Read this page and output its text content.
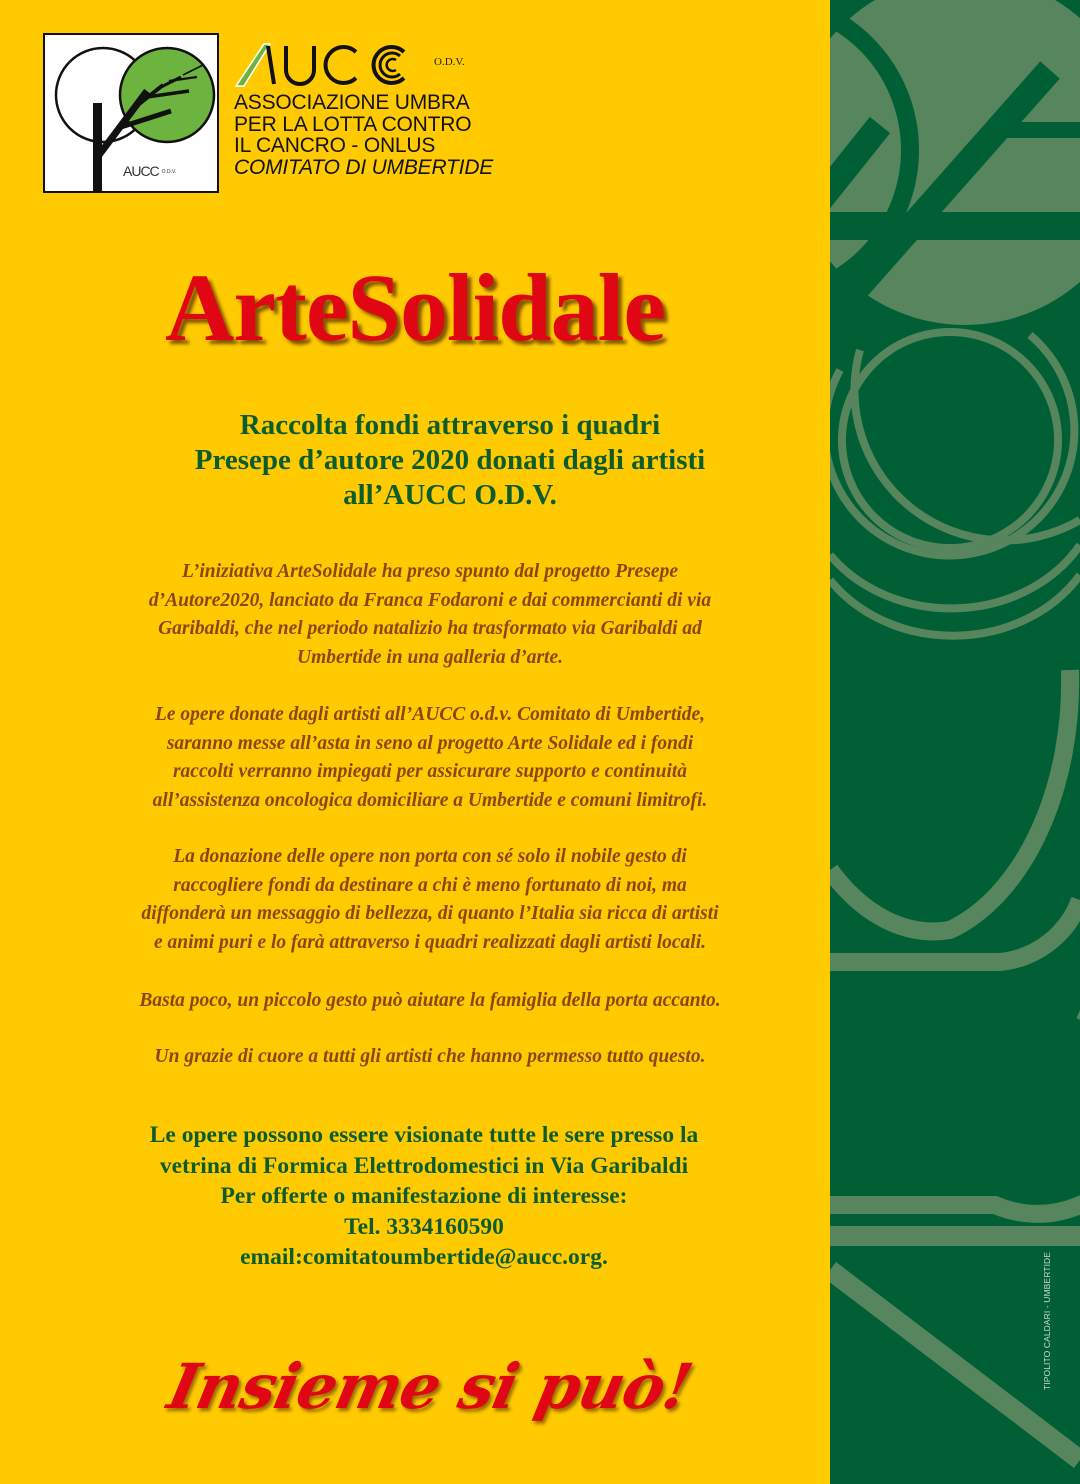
AUCC O.D.V.
O.D.V.
ASSOCIAZIONE UMBRA
PER LA LOTTA CONTRO
IL CANCRO - ONLUS
COMITATO DI UMBERTIDE
ArteSolidale
Raccolta fondi attraverso i quadri
Presepe d’autore 2020 donati dagli artisti
all’AUCC O.D.V.
L’iniziativa ArteSolidale ha preso spunto dal progetto Presepe
d’Autore2020, lanciato da Franca Fodaroni e dai commercianti di via
Garibaldi, che nel periodo natalizio ha trasformato via Garibaldi ad
Umbertide in una galleria d’arte.
Le opere donate dagli artisti all’AUCC o.d.v. Comitato di Umbertide,
saranno messe all’asta in seno al progetto Arte Solidale ed i fondi
raccolti verranno impiegati per assicurare supporto e continuità
all’assistenza oncologica domiciliare a Umbertide e comuni limitrofi.
La donazione delle opere non porta con sé solo il nobile gesto di
raccogliere fondi da destinare a chi è meno fortunato di noi, ma
diffonderà un messaggio di bellezza, di quanto l’Italia sia ricca di artisti
e animi puri e lo farà attraverso i quadri realizzati dagli artisti locali.
Basta poco, un piccolo gesto può aiutare la famiglia della porta accanto.
Un grazie di cuore a tutti gli artisti che hanno permesso tutto questo.
Le opere possono essere visionate tutte le sere presso la
vetrina di Formica Elettrodomestici in Via Garibaldi
Per offerte o manifestazione di interesse:
Tel. 3334160590
email:comitatoumbertide@aucc.org.
Insieme si può!	TIPOLITO CALDARI - UMBERTIDE
